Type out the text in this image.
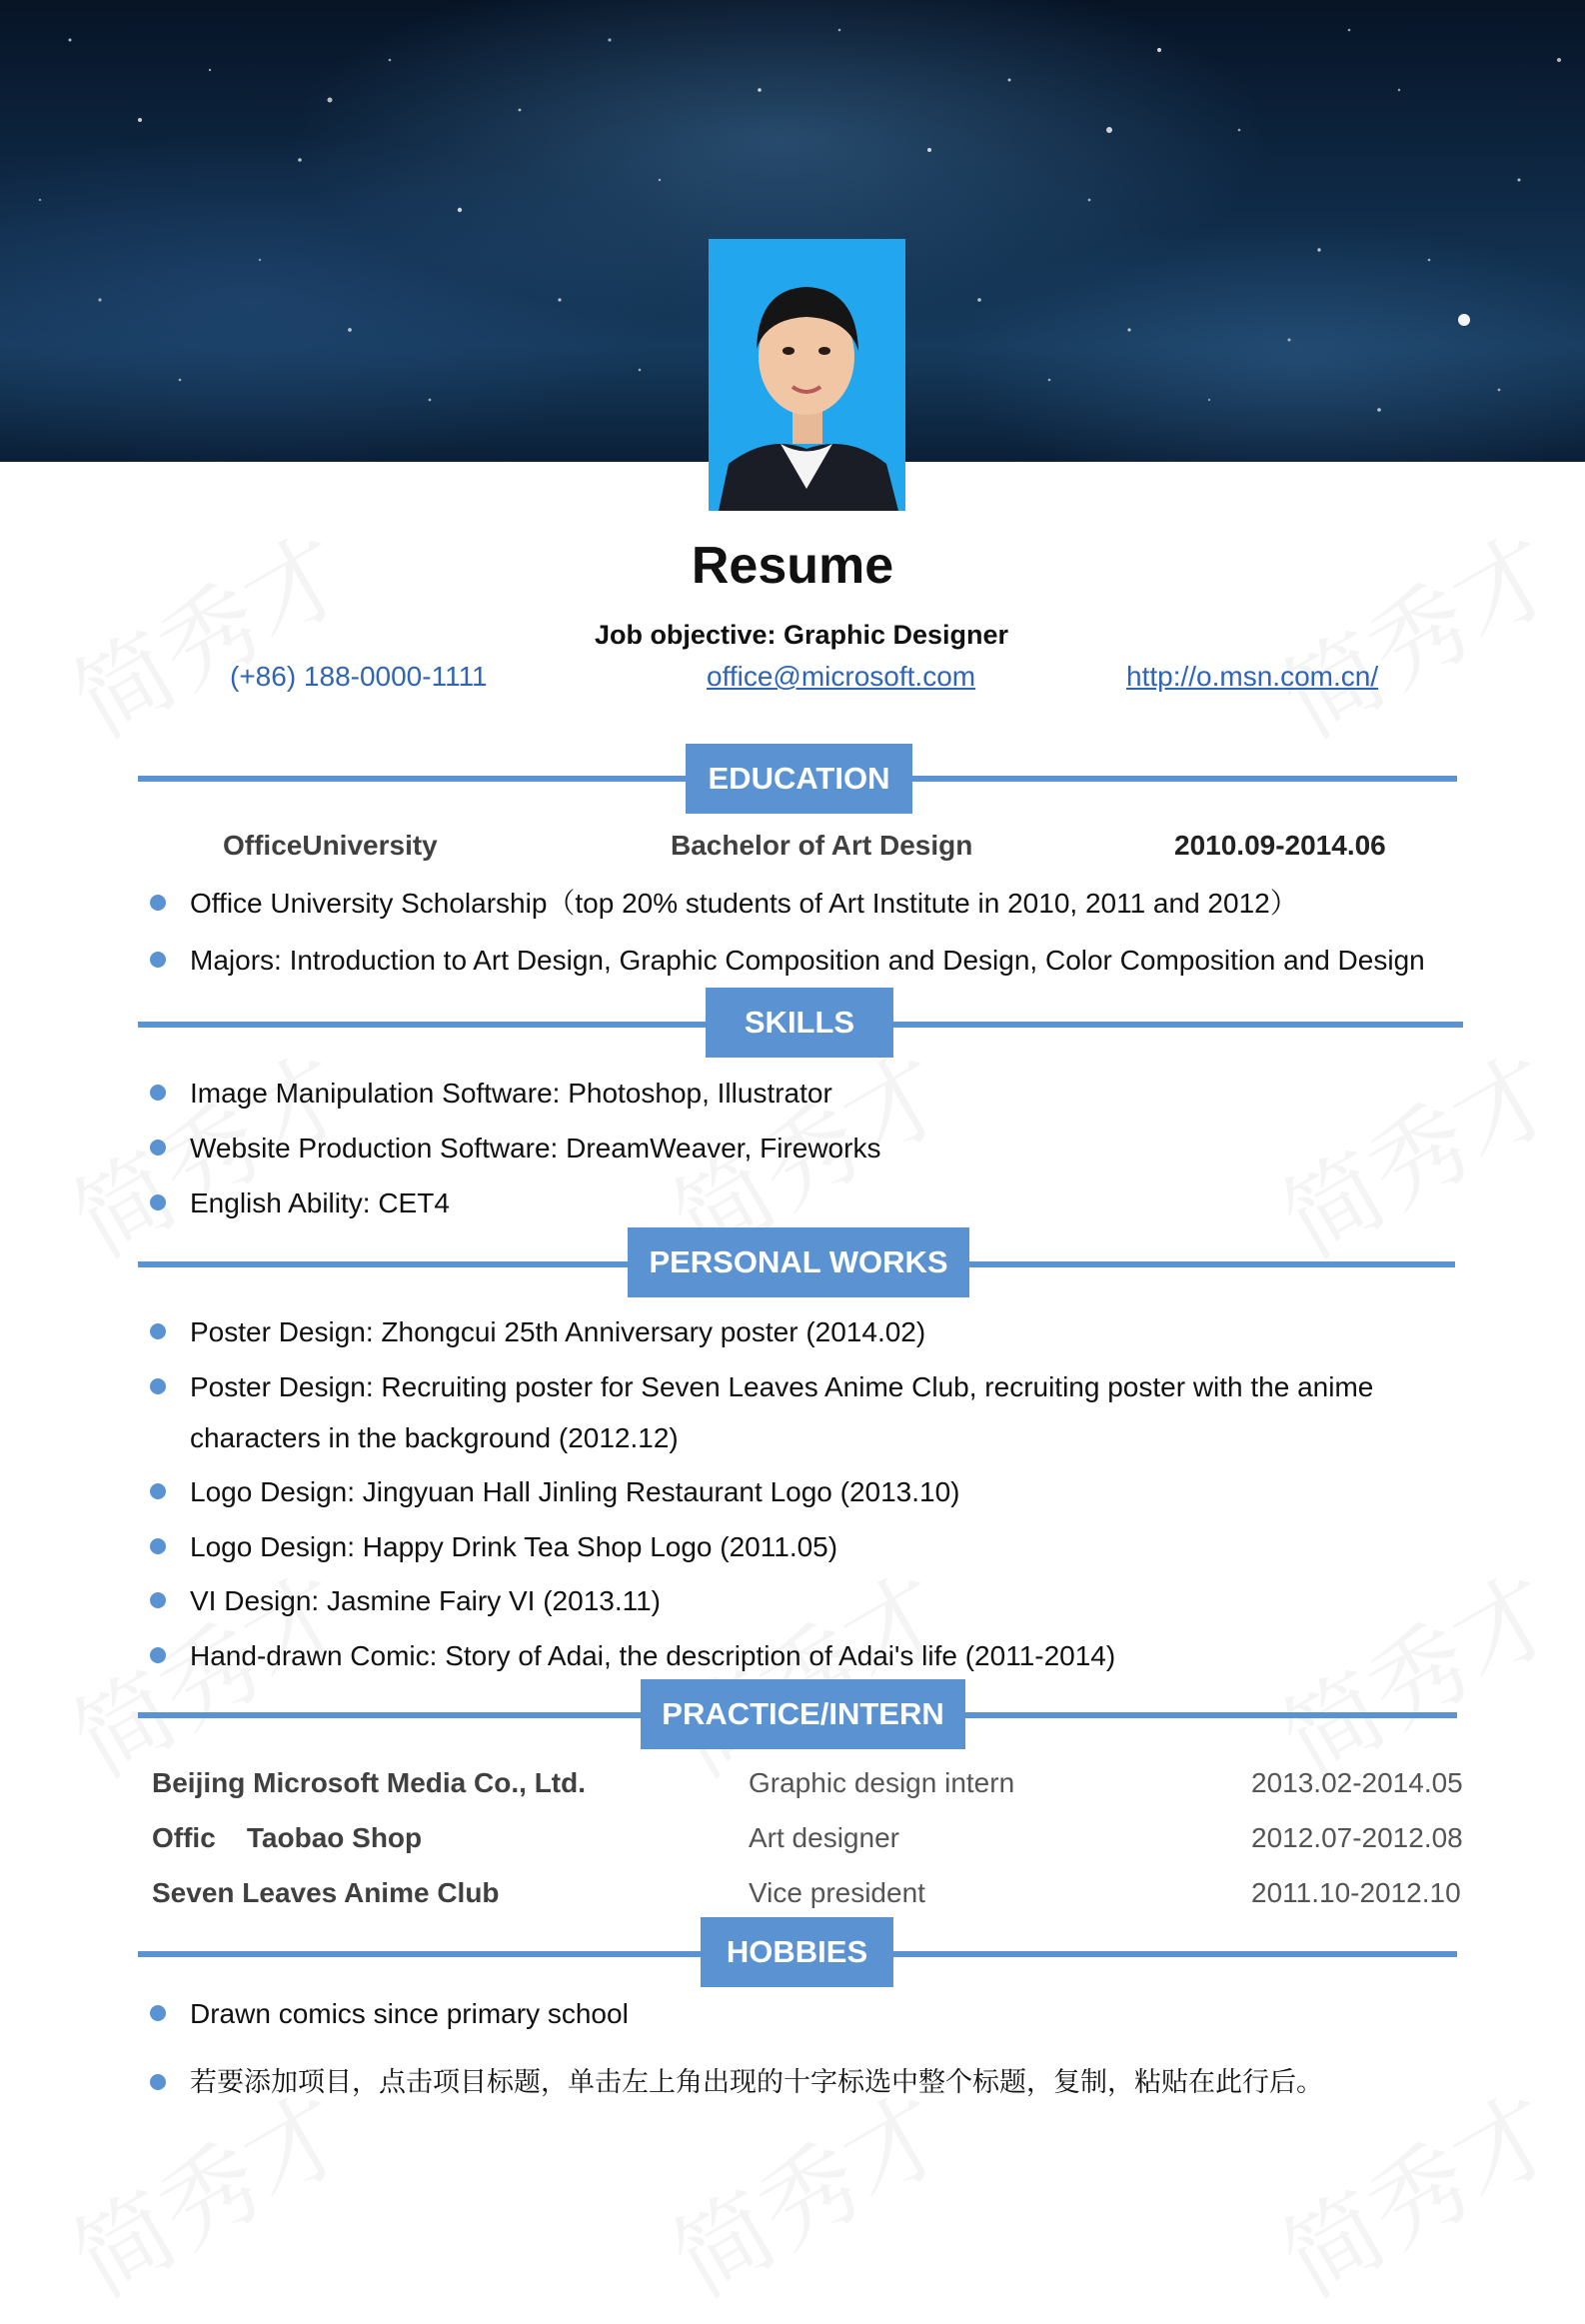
Resume
Job objective: Graphic Designer
(+86) 188-0000-1111	office@microsoft.com	http://o.msn.com.cn/
EDUCATION
OfficeUniversity	Bachelor of Art Design	2010.09-2014.06
Office University Scholarship（top 20% students of Art Institute in 2010, 2011 and 2012）
Majors: Introduction to Art Design, Graphic Composition and Design, Color Composition and Design
SKILLS
Image Manipulation Software: Photoshop, Illustrator
Website Production Software: DreamWeaver, Fireworks
English Ability: CET4
PERSONAL WORKS
Poster Design: Zhongcui 25th Anniversary poster (2014.02)
Poster Design: Recruiting poster for Seven Leaves Anime Club, recruiting poster with the anime
characters in the background (2012.12)
Logo Design: Jingyuan Hall Jinling Restaurant Logo (2013.10)
Logo Design: Happy Drink Tea Shop Logo (2011.05)
VI Design: Jasmine Fairy VI (2013.11)
Hand-drawn Comic: Story of Adai, the description of Adai's life (2011-2014)
PRACTICE/INTERN
Beijing Microsoft Media Co., Ltd.	Graphic design intern	2013.02-2014.05
Offic    Taobao Shop	Art designer	2012.07-2012.08
Seven Leaves Anime Club	Vice president	2011.10-2012.10
HOBBIES
Drawn comics since primary school
若要添加项目，点击项目标题，单击左上角出现的十字标选中整个标题，复制，粘贴在此行后。
